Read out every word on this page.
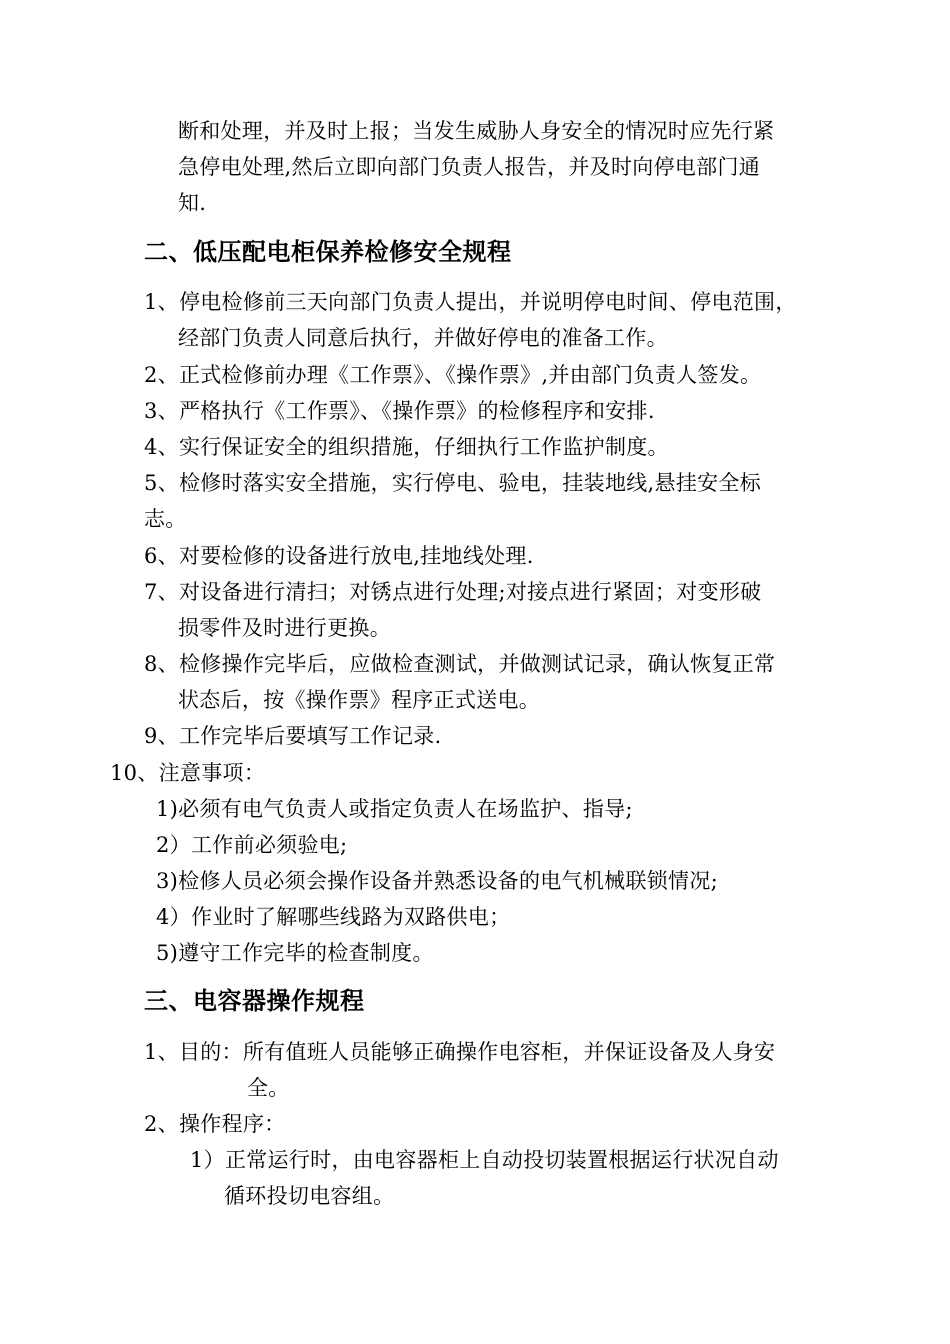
断和处理，并及时上报；当发生威胁人身安全的情况时应先行紧
急停电处理,然后立即向部门负责人报告，并及时向停电部门通
知.
二、低压配电柜保养检修安全规程
1、停电检修前三天向部门负责人提出，并说明停电时间、停电范围，
经部门负责人同意后执行，并做好停电的准备工作。
2、正式检修前办理《工作票》、《操作票》,并由部门负责人签发。
3、严格执行《工作票》、《操作票》的检修程序和安排.
4、实行保证安全的组织措施，仔细执行工作监护制度。
5、检修时落实安全措施，实行停电、验电，挂装地线,悬挂安全标
志。
6、对要检修的设备进行放电,挂地线处理.
7、对设备进行清扫；对锈点进行处理;对接点进行紧固；对变形破
损零件及时进行更换。
8、检修操作完毕后，应做检查测试，并做测试记录，确认恢复正常
状态后，按《操作票》程序正式送电。
9、工作完毕后要填写工作记录.
10、注意事项：
1)必须有电气负责人或指定负责人在场监护、指导;
2）工作前必须验电;
3)检修人员必须会操作设备并熟悉设备的电气机械联锁情况;
4）作业时了解哪些线路为双路供电；
5)遵守工作完毕的检查制度。
三、电容器操作规程
1、目的：所有值班人员能够正确操作电容柜，并保证设备及人身安
全。
2、操作程序：
1）正常运行时，由电容器柜上自动投切装置根据运行状况自动
循环投切电容组。
